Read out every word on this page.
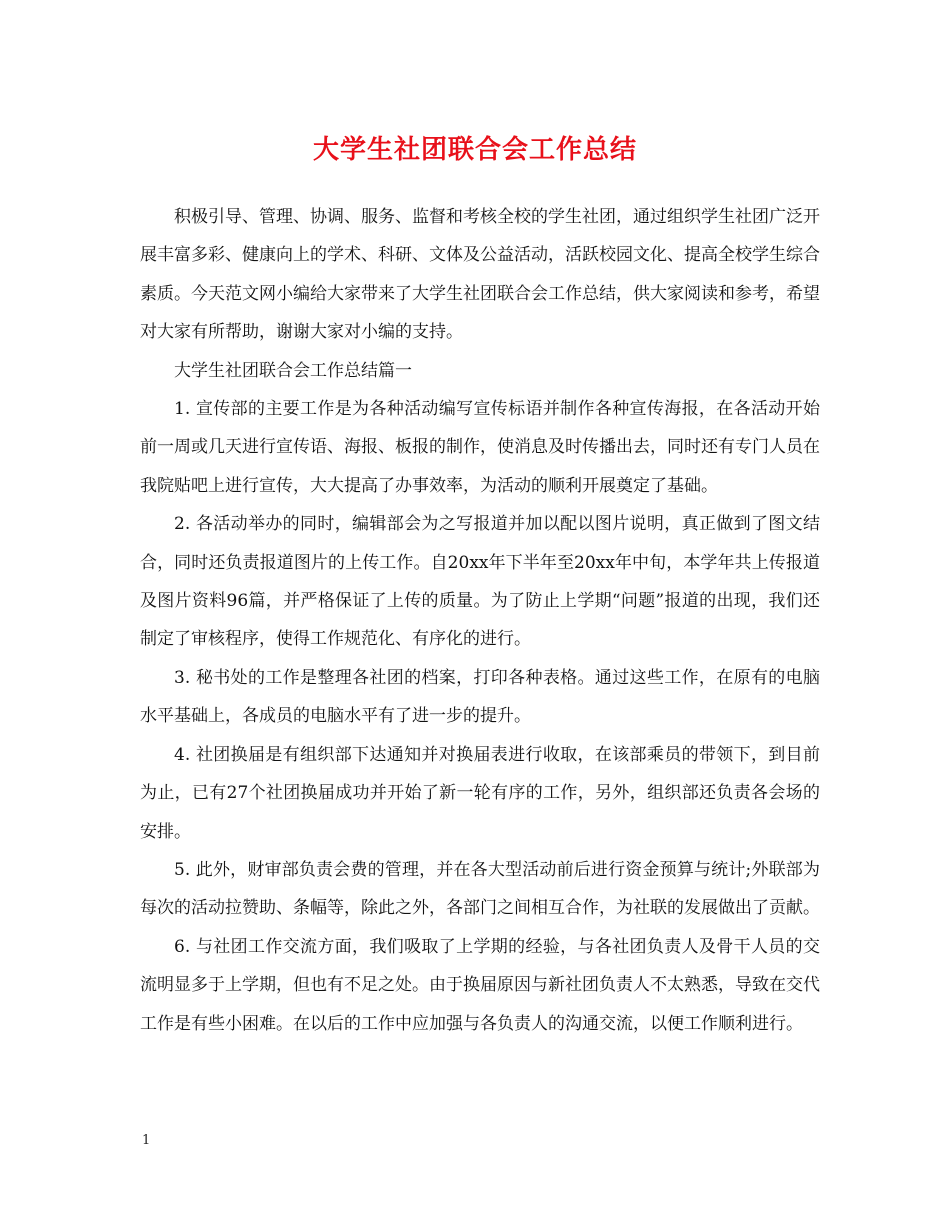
大学生社团联合会工作总结

积极引导、管理、协调、服务、监督和考核全校的学生社团，通过组织学生社团广泛开展丰富多彩、健康向上的学术、科研、文体及公益活动，活跃校园文化、提高全校学生综合素质。今天范文网小编给大家带来了大学生社团联合会工作总结，供大家阅读和参考，希望对大家有所帮助，谢谢大家对小编的支持。

大学生社团联合会工作总结篇一

1. 宣传部的主要工作是为各种活动编写宣传标语并制作各种宣传海报，在各活动开始前一周或几天进行宣传语、海报、板报的制作，使消息及时传播出去，同时还有专门人员在我院贴吧上进行宣传，大大提高了办事效率，为活动的顺利开展奠定了基础。

2. 各活动举办的同时，编辑部会为之写报道并加以配以图片说明，真正做到了图文结合，同时还负责报道图片的上传工作。自20xx年下半年至20xx年中旬，本学年共上传报道及图片资料96篇，并严格保证了上传的质量。为了防止上学期“问题”报道的出现，我们还制定了审核程序，使得工作规范化、有序化的进行。

3. 秘书处的工作是整理各社团的档案，打印各种表格。通过这些工作，在原有的电脑水平基础上，各成员的电脑水平有了进一步的提升。

4. 社团换届是有组织部下达通知并对换届表进行收取，在该部乘员的带领下，到目前为止，已有27个社团换届成功并开始了新一轮有序的工作，另外，组织部还负责各会场的安排。

5. 此外，财审部负责会费的管理，并在各大型活动前后进行资金预算与统计;外联部为每次的活动拉赞助、条幅等，除此之外，各部门之间相互合作，为社联的发展做出了贡献。

6. 与社团工作交流方面，我们吸取了上学期的经验，与各社团负责人及骨干人员的交流明显多于上学期，但也有不足之处。由于换届原因与新社团负责人不太熟悉，导致在交代工作是有些小困难。在以后的工作中应加强与各负责人的沟通交流，以便工作顺利进行。

1
